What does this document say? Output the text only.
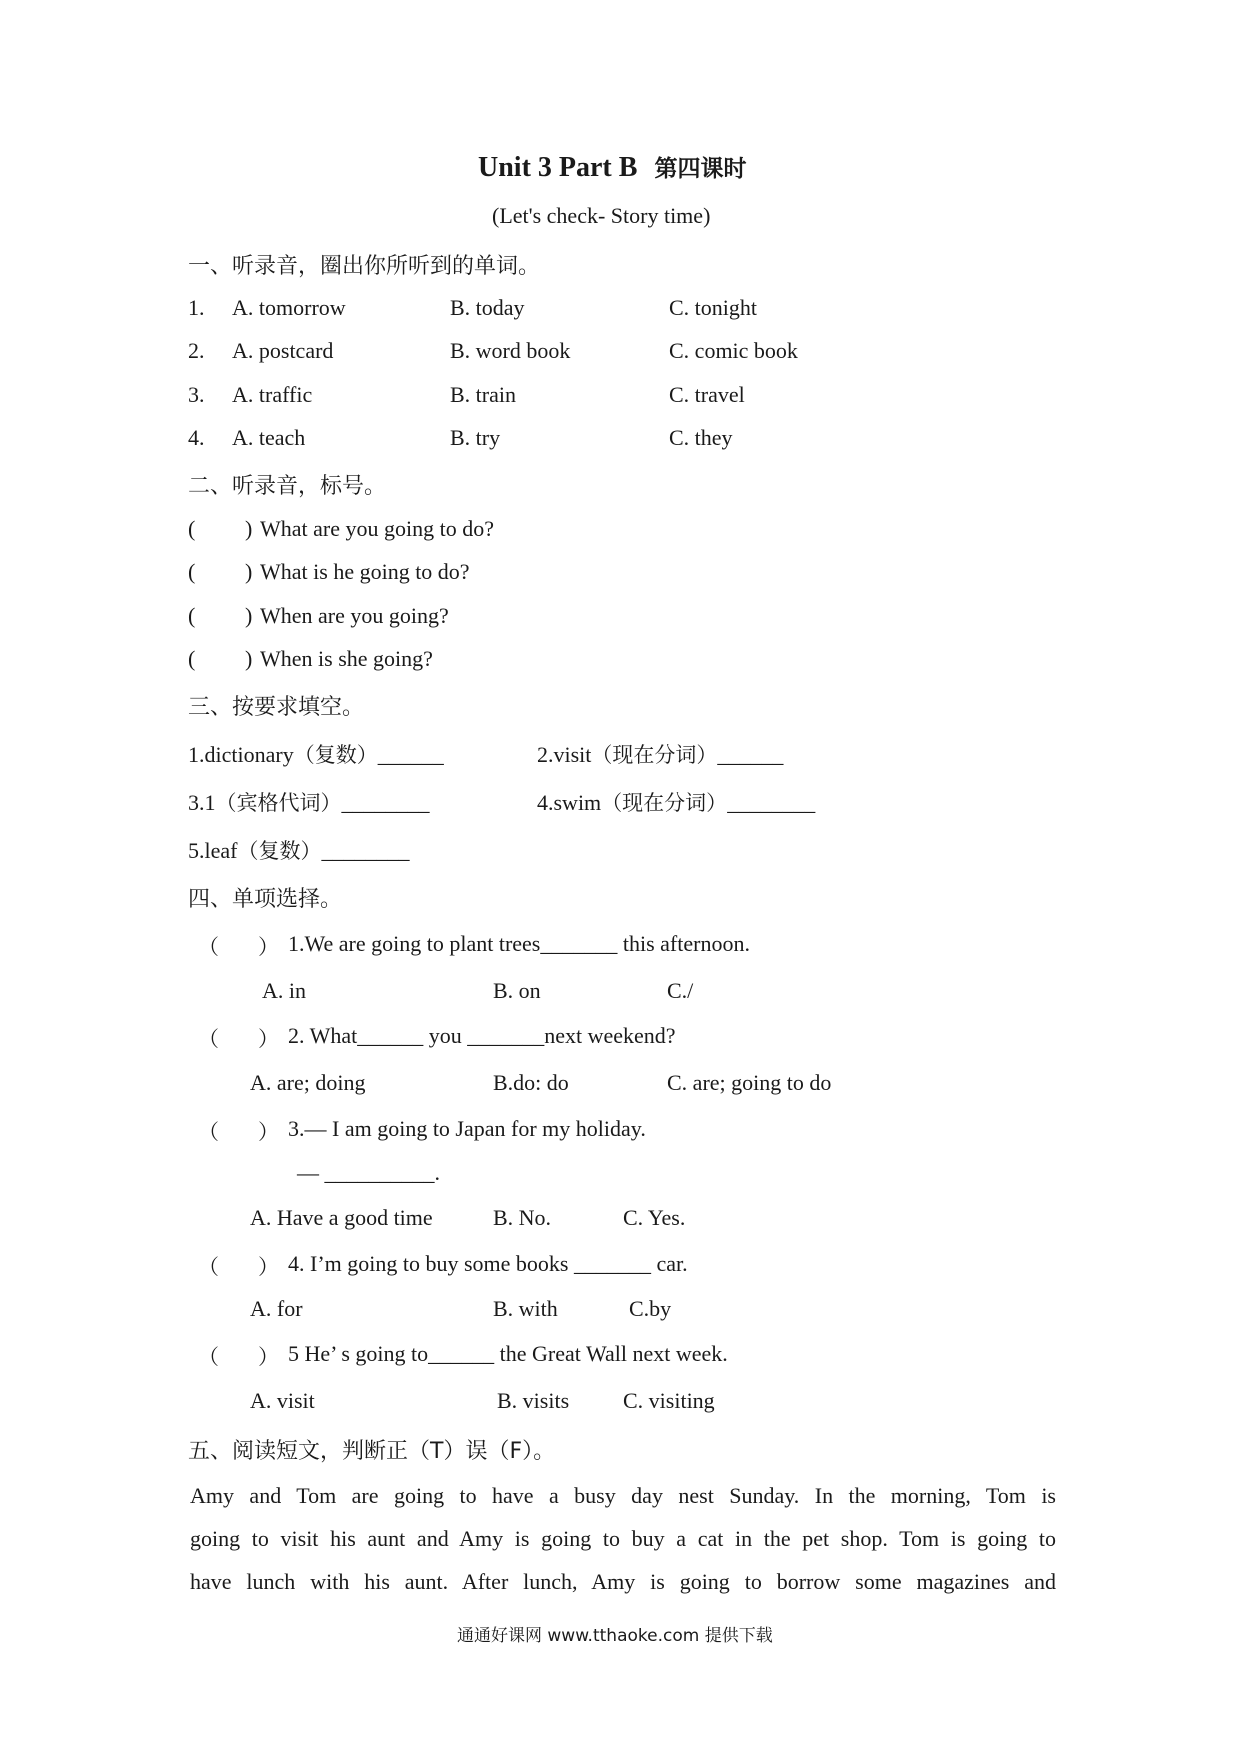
Unit 3 Part B 第四课时
(Let's check- Story time)
一、听录音，圈出你所听到的单词。
1. A. tomorrow	B. today	C. tonight
2. A. postcard	B. word book	C. comic book
3. A. traffic	B. train	C. travel
4. A. teach	B. try	C. they
二、听录音，标号。
( ) What are you going to do?
( ) What is he going to do?
( ) When are you going?
( ) When is she going?
三、按要求填空。
1.dictionary（复数）______	2.visit（现在分词）______
3.1（宾格代词）________	4.swim（现在分词）________
5.leaf（复数）________
四、单项选择。
（ ） 1.We are going to plant trees_______ this afternoon.
A. in	B. on	C./
（ ） 2. What______ you _______next weekend?
A. are; doing	B.do: do	C. are; going to do
（ ） 3.— I am going to Japan for my holiday.
— __________.
A. Have a good time	B. No.	C. Yes.
（ ） 4. I’m going to buy some books _______ car.
A. for	B. with	C.by
（ ） 5 He’ s going to______ the Great Wall next week.
A. visit	B. visits C. visiting
五、阅读短文，判断正（T）误（F）。
Amy and Tom are going to have a busy day nest Sunday. In the morning, Tom is
going to visit his aunt and Amy is going to buy a cat in the pet shop. Tom is going to
have lunch with his aunt. After lunch, Amy is going to borrow some magazines and
通通好课网 www.tthaoke.com 提供下载
